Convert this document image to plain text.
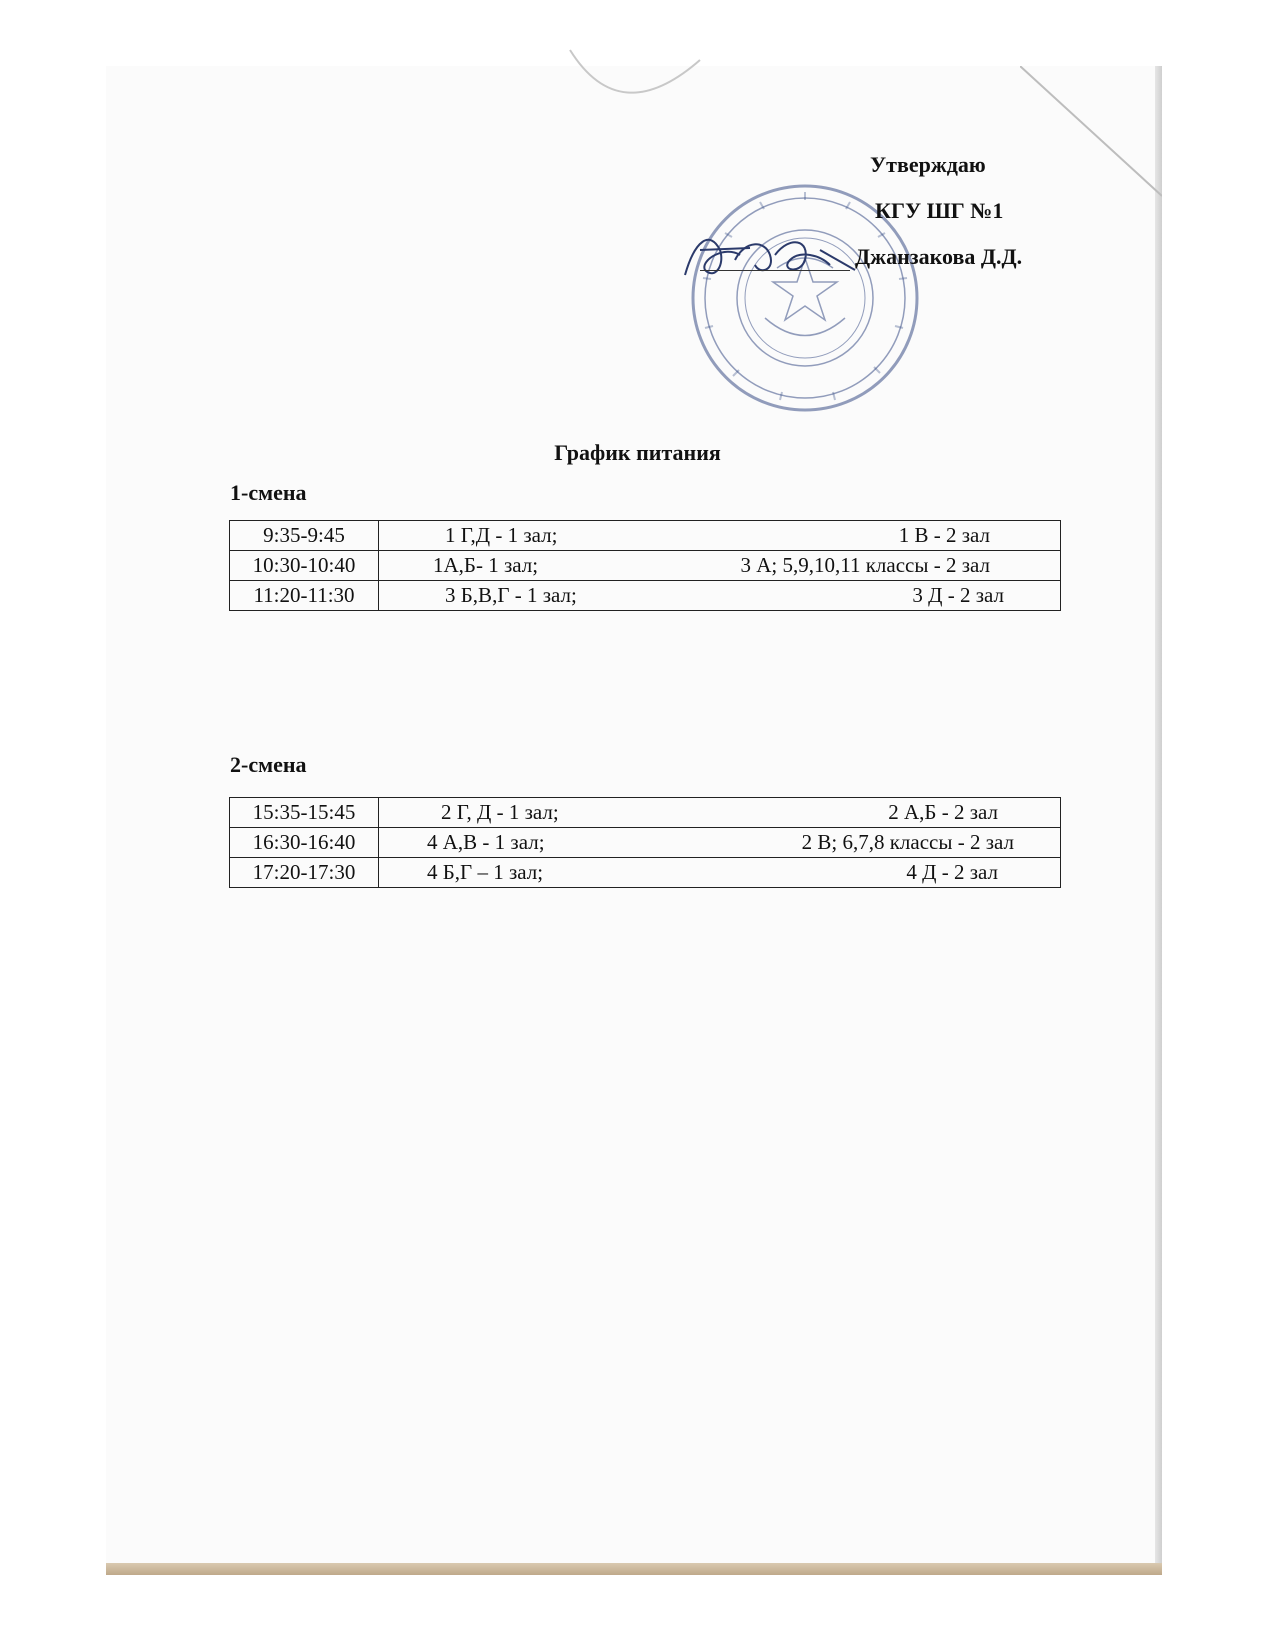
Утверждаю
КГУ ШГ №1
Джанзакова Д.Д.
График питания
1-смена
9:35-9:45	1 Г,Д - 1 зал; 1 В - 2 зал

10:30-10:40	1А,Б- 1 зал; 3 А; 5,9,10,11 классы - 2 зал

11:20-11:30	3 Б,В,Г - 1 зал; 3 Д - 2 зал
2-смена
15:35-15:45	2 Г, Д - 1 зал; 2 А,Б - 2 зал

16:30-16:40	4 А,В - 1 зал; 2 В; 6,7,8 классы - 2 зал

17:20-17:30	4 Б,Г – 1 зал; 4 Д - 2 зал
